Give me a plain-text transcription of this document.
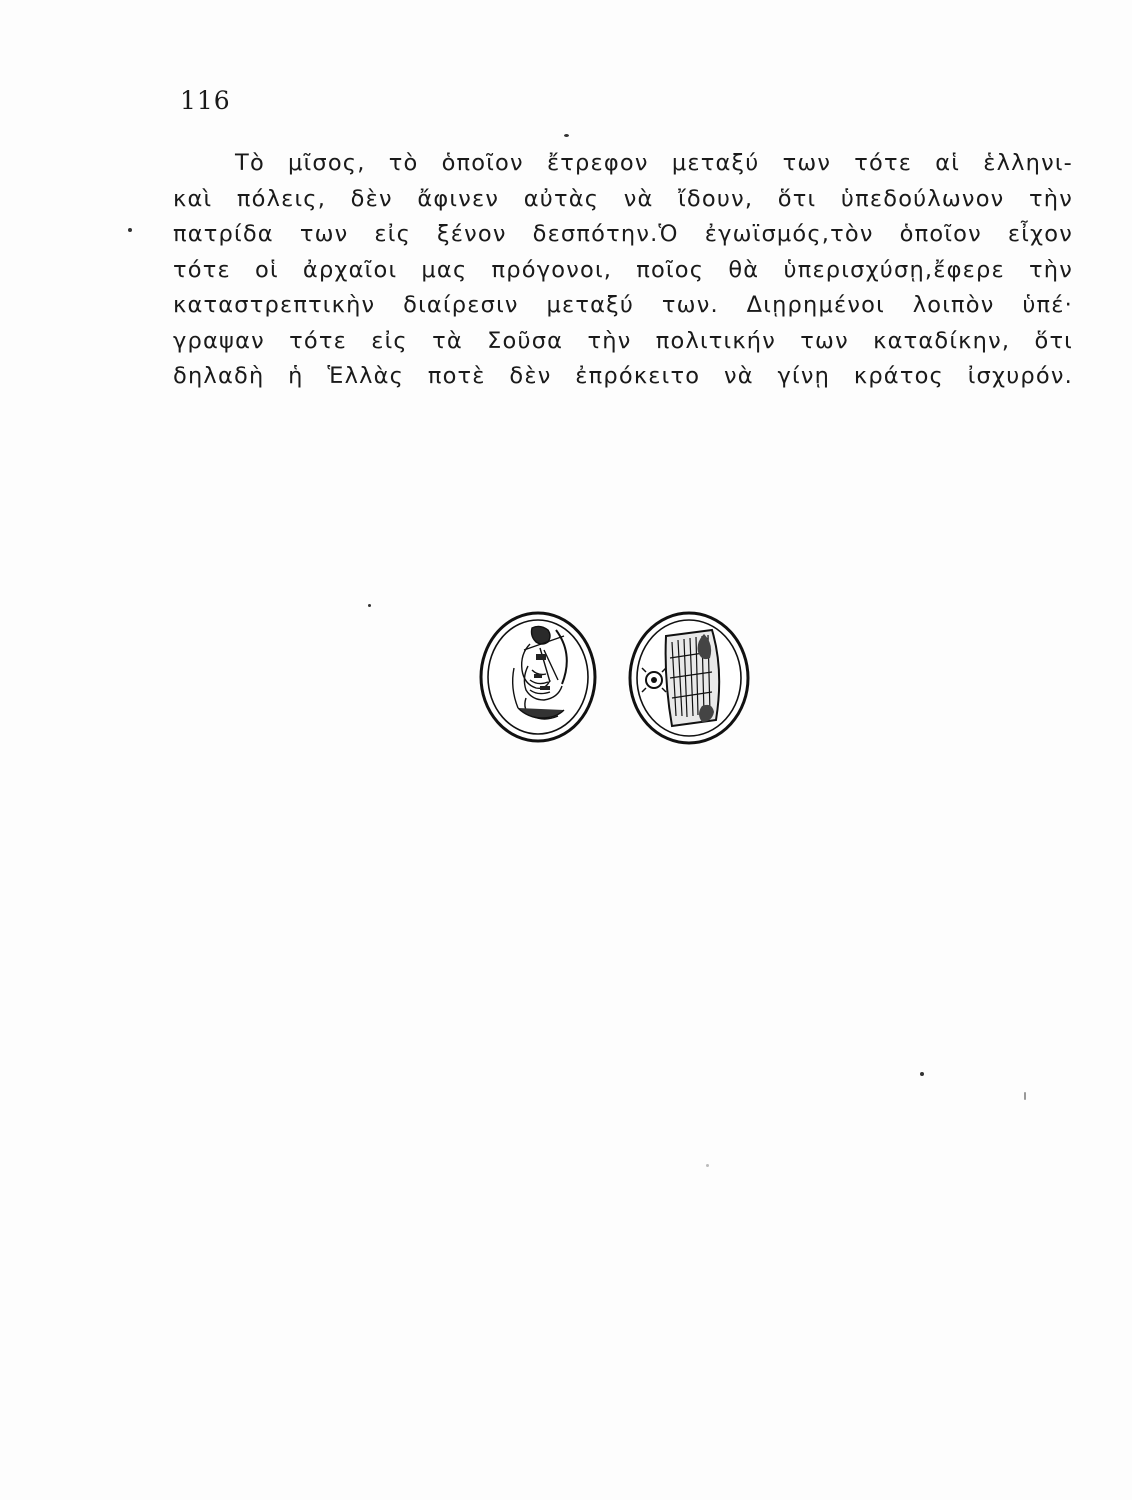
116
Τὸ μῖσος, τὸ ὁποῖον ἔτρεφον μεταξύ των τότε αἱ ἑλληνι-
καὶ πόλεις, δὲν ἄφινεν αὐτὰς νὰ ἴδουν, ὅτι ὑπεδούλωνον τὴν
πατρίδα των εἰς ξένον δεσπότην.Ὁ ἐγωϊσμός,τὸν ὁποῖον εἶχον
τότε οἱ ἀρχαῖοι μας πρόγονοι, ποῖος θὰ ὑπερισχύσῃ,ἔφερε τὴν
καταστρεπτικὴν διαίρεσιν μεταξύ των. Διῃρημένοι λοιπὸν ὑπέ·
γραψαν τότε εἰς τὰ Σοῦσα τὴν πολιτικήν των καταδίκην, ὅτι
δηλαδὴ ἡ Ἑλλὰς ποτὲ δὲν ἐπρόκειτο νὰ γίνῃ κράτος ἰσχυρόν.
